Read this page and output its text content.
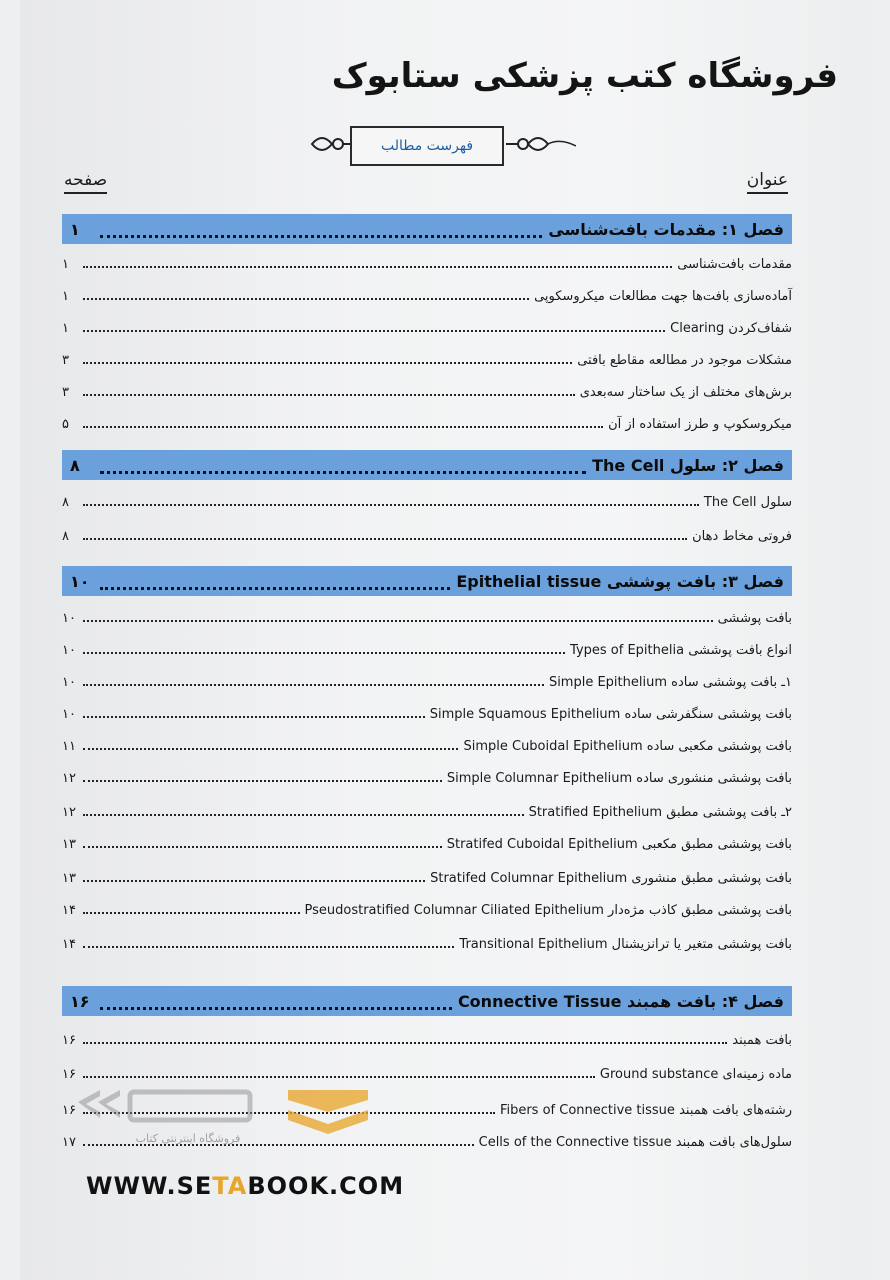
فروشگاه کتب پزشکی ستابوک
فهرست مطالب
عنوان
صفحه
فصل ۱: مقدمات بافت‌شناسی
۱
مقدمات بافت‌شناسی
۱
آماده‌سازی بافت‌ها جهت مطالعات میکروسکوپی
۱
شفاف‌کردن Clearing
۱
مشکلات موجود در مطالعه مقاطع بافتی
۳
برش‌های مختلف از یک ساختار سه‌بعدی
۳
میکروسکوپ و طرز استفاده از آن
۵
فصل ۲: سلول The Cell
۸
سلول The Cell
۸
فروتی مخاط دهان
۸
فصل ۳: بافت پوششی Epithelial tissue
۱۰
بافت پوششی
۱۰
انواع بافت پوششی Types of Epithelia
۱۰
۱ـ بافت پوششی ساده Simple Epithelium
۱۰
بافت پوششی سنگفرشی ساده Simple Squamous Epithelium
۱۰
بافت پوششی مکعبی ساده Simple Cuboidal Epithelium
۱۱
بافت پوششی منشوری ساده Simple Columnar Epithelium
۱۲
۲ـ بافت پوششی مطبق Stratified Epithelium
۱۲
بافت پوششی مطبق مکعبی Stratifed Cuboidal Epithelium
۱۳
بافت پوششی مطبق منشوری Stratifed Columnar Epithelium
۱۳
بافت پوششی مطبق کاذب مژه‌دار Pseudostratified Columnar Ciliated Epithelium
۱۴
بافت پوششی متغیر یا ترانزیشنال Transitional Epithelium
۱۴
فصل ۴: بافت همبند Connective Tissue
۱۶
بافت همبند
۱۶
ماده زمینه‌ای Ground substance
۱۶
رشته‌های بافت همبند Fibers of Connective tissue
۱۶
سلول‌های بافت همبند Cells of the Connective tissue
۱۷	فروشگاه اینترنتی کتاب
WWW.SETABOOK.COM
